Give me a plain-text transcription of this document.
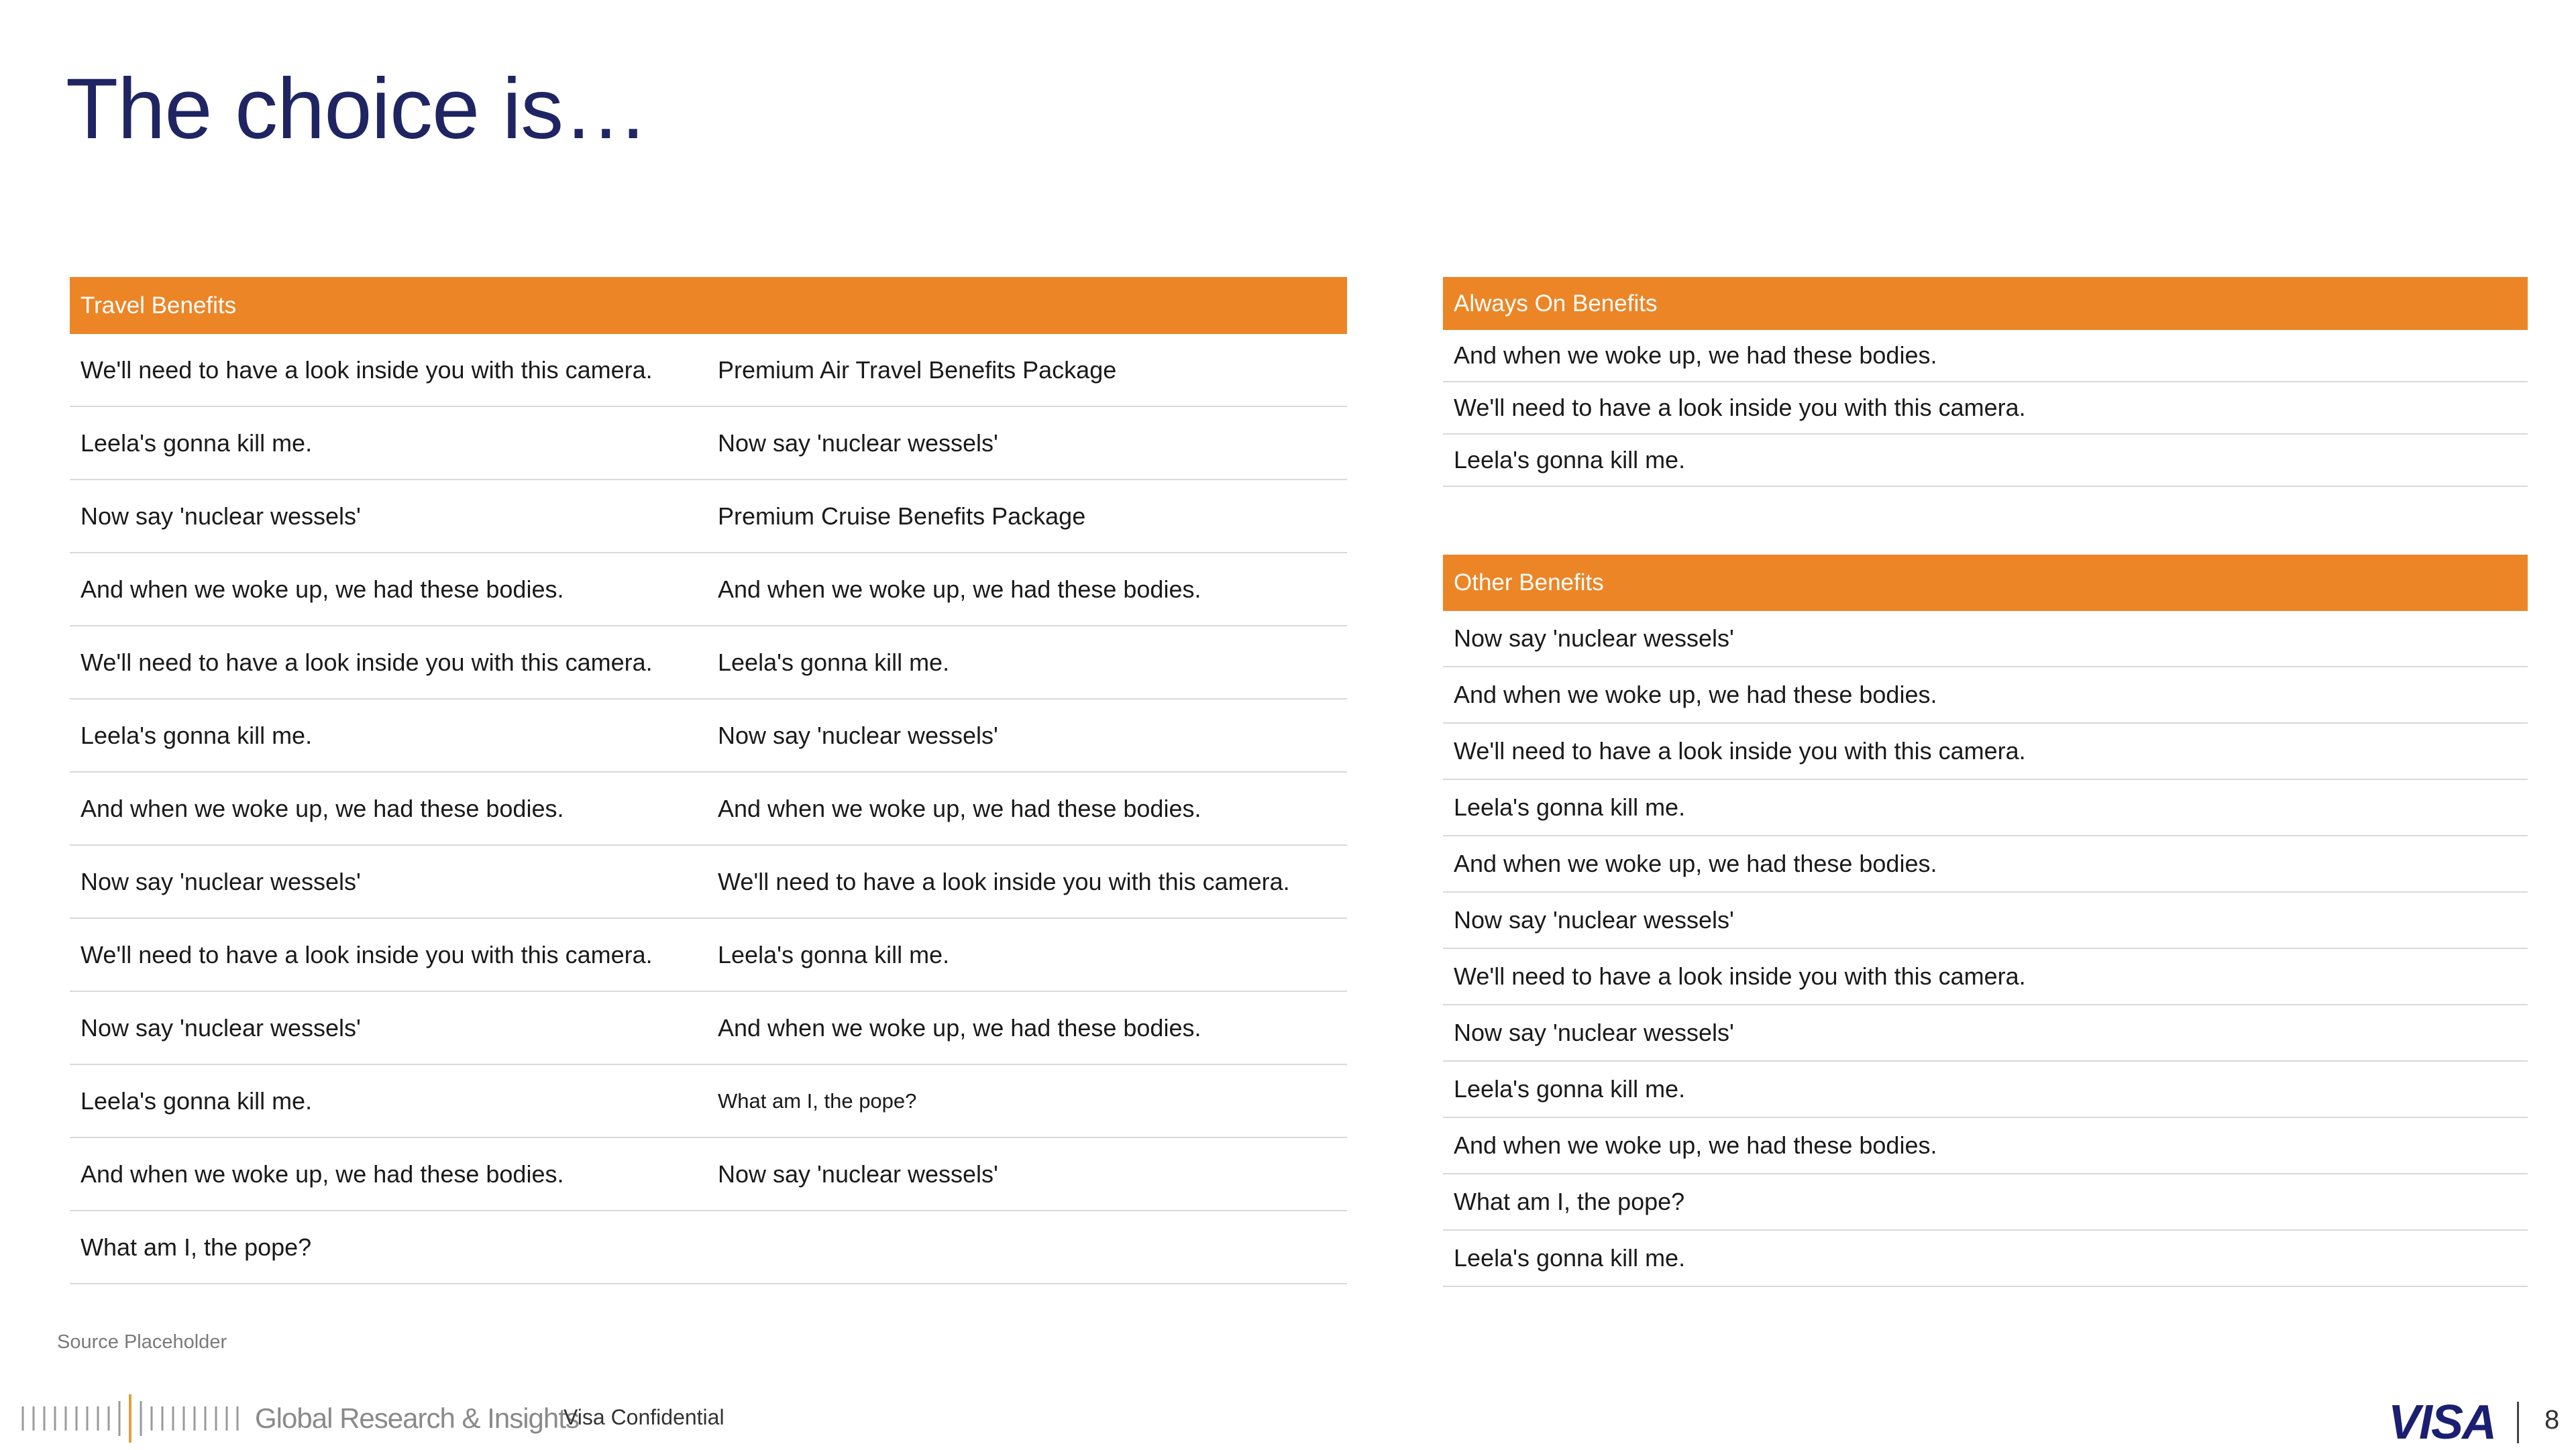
The choice is…
Travel Benefits
We'll need to have a look inside you with this camera.	Premium Air Travel Benefits Package
Leela's gonna kill me.	Now say 'nuclear wessels'
Now say 'nuclear wessels'	Premium Cruise Benefits Package
And when we woke up, we had these bodies.	And when we woke up, we had these bodies.
We'll need to have a look inside you with this camera.	Leela's gonna kill me.
Leela's gonna kill me.	Now say 'nuclear wessels'
And when we woke up, we had these bodies.	And when we woke up, we had these bodies.
Now say 'nuclear wessels'	We'll need to have a look inside you with this camera.
We'll need to have a look inside you with this camera.	Leela's gonna kill me.
Now say 'nuclear wessels'	And when we woke up, we had these bodies.
Leela's gonna kill me.	What am I, the pope?
And when we woke up, we had these bodies.	Now say 'nuclear wessels'
What am I, the pope?
Always On Benefits
And when we woke up, we had these bodies.
We'll need to have a look inside you with this camera.
Leela's gonna kill me.
Other Benefits
Now say 'nuclear wessels'
And when we woke up, we had these bodies.
We'll need to have a look inside you with this camera.
Leela's gonna kill me.
And when we woke up, we had these bodies.
Now say 'nuclear wessels'
We'll need to have a look inside you with this camera.
Now say 'nuclear wessels'
Leela's gonna kill me.
And when we woke up, we had these bodies.
What am I, the pope?
Leela's gonna kill me.
Source Placeholder
Global Research & Insights
Visa Confidential	VISA 8
